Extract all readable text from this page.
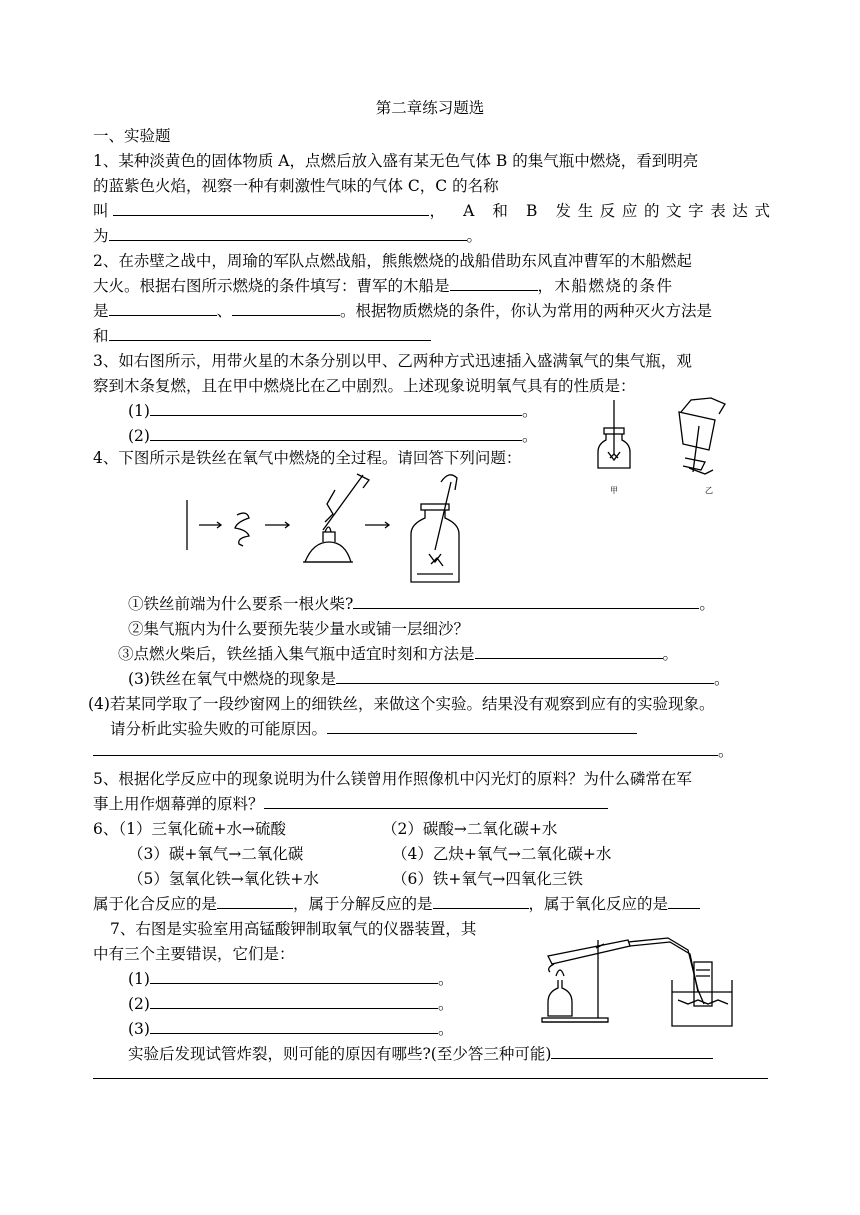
第二章练习题选
一、实验题
1、某种淡黄色的固体物质 A，点燃后放入盛有某无色气体 B 的集气瓶中燃烧，看到明亮
的蓝紫色火焰，视察一种有刺激性气味的气体 C，C 的名称
叫	， A 和 B 发生反应的文字表达式
为	。
2、在赤壁之战中，周瑜的军队点燃战船，熊熊燃烧的战船借助东风直冲曹军的木船燃起
大火。根据右图所示燃烧的条件填写：曹军的木船是	，木船燃烧的条件
是	、	。根据物质燃烧的条件，你认为常用的两种灭火方法是
和
3、如右图所示，用带火星的木条分别以甲、乙两种方式迅速插入盛满氧气的集气瓶，观
察到木条复燃，且在甲中燃烧比在乙中剧烈。上述现象说明氧气具有的性质是：
(1)	。
(2)	。
甲	乙
4、下图所示是铁丝在氧气中燃烧的全过程。请回答下列问题：
①铁丝前端为什么要系一根火柴?	。
②集气瓶内为什么要预先装少量水或铺一层细沙？
③点燃火柴后，铁丝插入集气瓶中适宜时刻和方法是	。
(3)铁丝在氧气中燃烧的现象是	。
(4)若某同学取了一段纱窗网上的细铁丝，来做这个实验。结果没有观察到应有的实验现象。
请分析此实验失败的可能原因。
。
5、根据化学反应中的现象说明为什么镁曾用作照像机中闪光灯的原料？为什么磷常在军
事上用作烟幕弹的原料？
6、（1）三氧化硫+水→硫酸	（2）碳酸→二氧化碳+水
（3）碳+氧气→二氧化碳	（4）乙炔+氧气→二氧化碳+水
（5）氢氧化铁→氧化铁+水	（6）铁+氧气→四氧化三铁
属于化合反应的是	，属于分解反应的是	，属于氧化反应的是
7、右图是实验室用高锰酸钾制取氧气的仪器装置，其
中有三个主要错误，它们是：
(1)	。
(2)	。
(3)	。
实验后发现试管炸裂，则可能的原因有哪些?(至少答三种可能)
